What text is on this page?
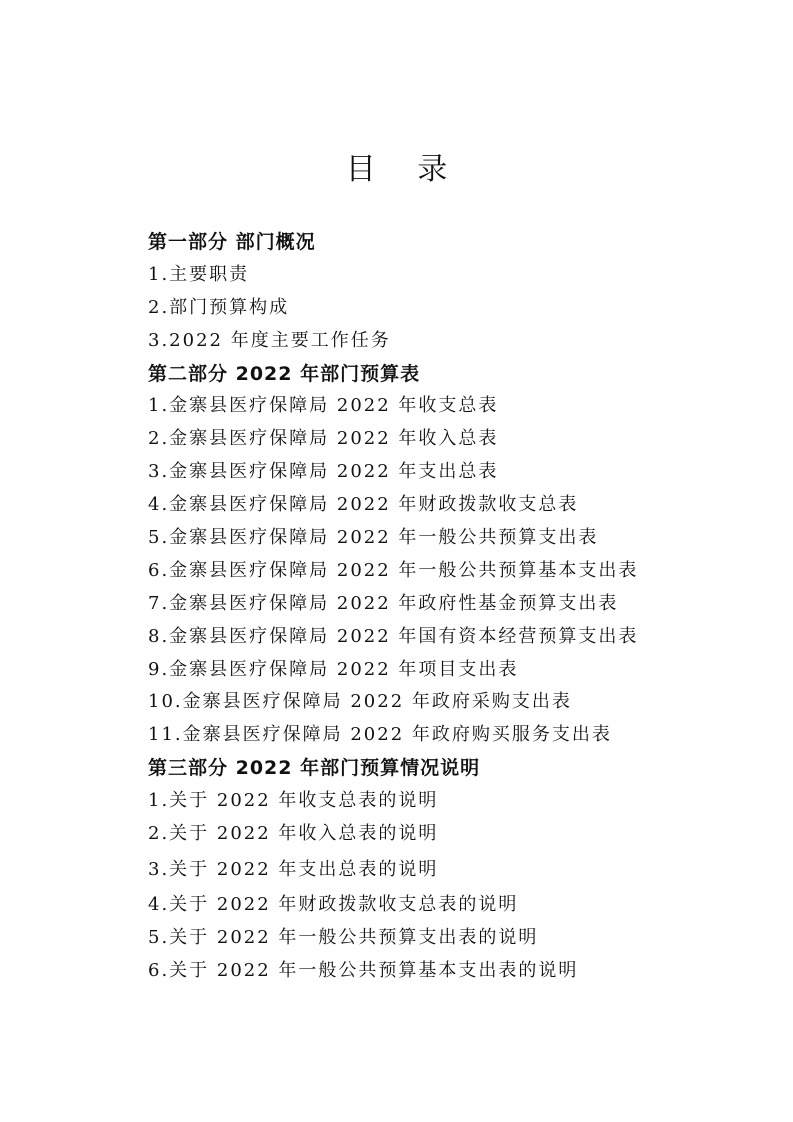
目 录
第一部分 部门概况
1.主要职责
2.部门预算构成
3.2022 年度主要工作任务
第二部分 2022 年部门预算表
1.金寨县医疗保障局 2022 年收支总表
2.金寨县医疗保障局 2022 年收入总表
3.金寨县医疗保障局 2022 年支出总表
4.金寨县医疗保障局 2022 年财政拨款收支总表
5.金寨县医疗保障局 2022 年一般公共预算支出表
6.金寨县医疗保障局 2022 年一般公共预算基本支出表
7.金寨县医疗保障局 2022 年政府性基金预算支出表
8.金寨县医疗保障局 2022 年国有资本经营预算支出表
9.金寨县医疗保障局 2022 年项目支出表
10.金寨县医疗保障局 2022 年政府采购支出表
11.金寨县医疗保障局 2022 年政府购买服务支出表
第三部分 2022 年部门预算情况说明
1.关于 2022 年收支总表的说明
2.关于 2022 年收入总表的说明
3.关于 2022 年支出总表的说明
4.关于 2022 年财政拨款收支总表的说明
5.关于 2022 年一般公共预算支出表的说明
6.关于 2022 年一般公共预算基本支出表的说明
